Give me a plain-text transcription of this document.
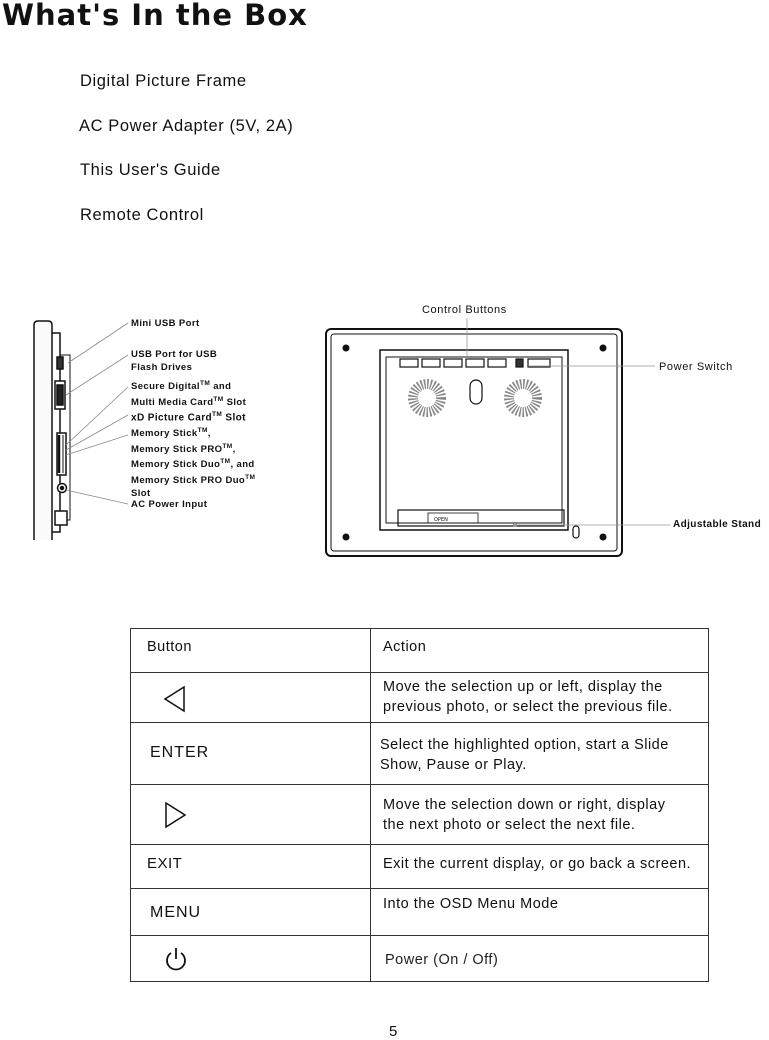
What's In the Box
Digital Picture Frame
AC Power Adapter (5V, 2A)
This User's Guide
Remote Control
Mini USB Port
USB Port for USB
Flash Drives
Secure Digital™ and
Multi Media Card™ Slot
xD Picture Card™ Slot
Memory Stick™,
Memory Stick PRO™,
Memory Stick Duo™, and
Memory Stick PRO Duo™
Slot
AC Power Input
OPEN
Control Buttons
Power Switch
Adjustable Stand
Button	Action

Move the selection up or left, display the
previous photo, or select the previous file.

ENTER	Select the highlighted option, start a Slide
Show, Pause or Play.

Move the selection down or right, display
the next photo or select the next file.

EXIT	Exit the current display, or go back a screen.
MENU	Into the OSD Menu Mode
	Power (On / Off)
5
